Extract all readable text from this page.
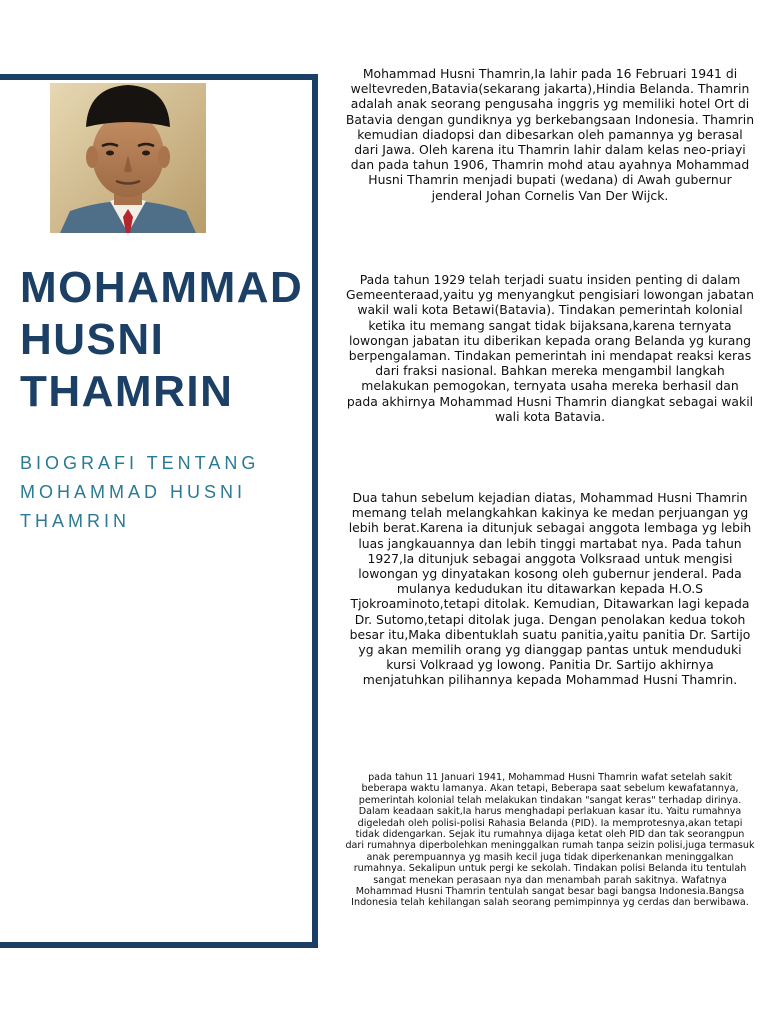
MOHAMMAD
HUSNI
THAMRIN
BIOGRAFI TENTANG
MOHAMMAD HUSNI
THAMRIN
Mohammad Husni Thamrin,Ia lahir pada 16 Februari 1941 di weltevreden,Batavia(sekarang jakarta),Hindia Belanda. Thamrin adalah anak seorang pengusaha inggris yg memiliki hotel Ort di Batavia dengan gundiknya yg berkebangsaan Indonesia. Thamrin kemudian diadopsi dan dibesarkan oleh pamannya yg berasal dari Jawa. Oleh karena itu Thamrin lahir dalam kelas neo-priayi dan pada tahun 1906, Thamrin mohd atau ayahnya Mohammad Husni Thamrin menjadi bupati (wedana) di Awah gubernur jenderal Johan Cornelis Van Der Wijck.
Pada tahun 1929 telah terjadi suatu insiden penting di dalam Gemeenteraad,yaitu yg menyangkut pengisiari lowongan jabatan wakil wali kota Betawi(Batavia). Tindakan pemerintah kolonial ketika itu memang sangat tidak bijaksana,karena ternyata lowongan jabatan itu diberikan kepada orang Belanda yg kurang berpengalaman. Tindakan pemerintah ini mendapat reaksi keras dari fraksi nasional. Bahkan mereka mengambil langkah melakukan pemogokan, ternyata usaha mereka berhasil dan pada akhirnya Mohammad Husni Thamrin diangkat sebagai wakil wali kota Batavia.
Dua tahun sebelum kejadian diatas, Mohammad Husni Thamrin memang telah melangkahkan kakinya ke medan perjuangan yg lebih berat.Karena ia ditunjuk sebagai anggota lembaga yg lebih luas jangkauannya dan lebih tinggi martabat nya. Pada tahun 1927,Ia ditunjuk sebagai anggota Volksraad untuk mengisi lowongan yg dinyatakan kosong oleh gubernur jenderal. Pada mulanya kedudukan itu ditawarkan kepada H.O.S Tjokroaminoto,tetapi ditolak. Kemudian, Ditawarkan lagi kepada Dr. Sutomo,tetapi ditolak juga. Dengan penolakan kedua tokoh besar itu,Maka dibentuklah suatu panitia,yaitu panitia Dr. Sartijo yg akan memilih orang yg dianggap pantas untuk menduduki kursi Volkraad yg lowong. Panitia Dr. Sartijo akhirnya menjatuhkan pilihannya kepada Mohammad Husni Thamrin.
pada tahun 11 Januari 1941, Mohammad Husni Thamrin wafat setelah sakit beberapa waktu lamanya. Akan tetapi, Beberapa saat sebelum kewafatannya, pemerintah kolonial telah melakukan tindakan "sangat keras" terhadap dirinya. Dalam keadaan sakit,Ia harus menghadapi perlakuan kasar itu. Yaitu rumahnya digeledah oleh polisi-polisi Rahasia Belanda (PID). Ia memprotesnya,akan tetapi tidak didengarkan. Sejak itu rumahnya dijaga ketat oleh PID dan tak seorangpun dari rumahnya diperbolehkan meninggalkan rumah tanpa seizin polisi,juga termasuk anak perempuannya yg masih kecil juga tidak diperkenankan meninggalkan rumahnya. Sekalipun untuk pergi ke sekolah. Tindakan polisi Belanda itu tentulah sangat menekan perasaan nya dan menambah parah sakitnya. Wafatnya Mohammad Husni Thamrin tentulah sangat besar bagi bangsa Indonesia.Bangsa Indonesia telah kehilangan salah seorang pemimpinnya yg cerdas dan berwibawa.
